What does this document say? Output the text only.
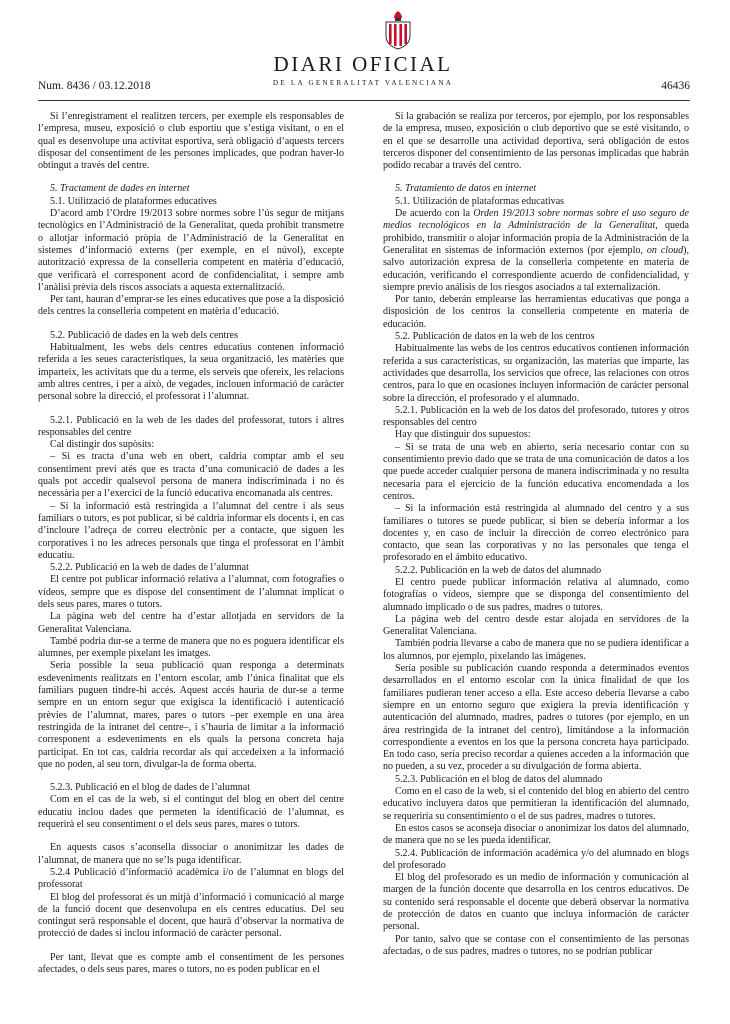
Num. 8436 / 03.12.2018
DIARI OFICIAL
DE LA GENERALITAT VALENCIANA	46436

Si l’enregistrament el realitzen tercers, per exemple els responsables de l’empresa, museu, exposició o club esportiu que s’estiga visitant, o en el qual es desenvolupe una activitat esportiva, serà obligació d’aquests tercers disposar del consentiment de les persones implicades, que podran haver-lo obtingut a través del centre.

5. Tractament de dades en internet

5.1. Utilització de plataformes educatives

D’acord amb l’Ordre 19/2013 sobre normes sobre l’ús segur de mitjans tecnològics en l’Administració de la Generalitat, queda prohibit transmetre o allotjar informació pròpia de l’Administració de la Generalitat en sistemes d’informació externs (per exemple, en el núvol), excepte autorització expressa de la conselleria competent en matèria d’educació, que verificarà el corresponent acord de confidencialitat, i sempre amb l’anàlisi prèvia dels riscos associats a aquesta externalització.

Per tant, hauran d’emprar-se les eines educatives que pose a la disposició dels centres la conselleria competent en matèria d’educació.

5.2. Publicació de dades en la web dels centres

Habitualment, les webs dels centres educatius contenen informació referida a les seues característiques, la seua organització, les matèries que imparteix, les activitats que du a terme, els serveis que ofereix, les relacions amb altres centres, i per a això, de vegades, inclouen informació de caràcter personal sobre la direcció, el professorat i l’alumnat.

5.2.1. Publicació en la web de les dades del professorat, tutors i altres responsables del centre

Cal distingir dos supòsits:

– Si es tracta d’una web en obert, caldria comptar amb el seu consentiment previ atés que es tracta d’una comunicació de dades a les quals pot accedir qualsevol persona de manera indiscriminada i no és necessària per a l’exercici de la funció educativa encomanada als centres.

– Si la informació està restringida a l’alumnat del centre i als seus familiars o tutors, es pot publicar, si bé caldria informar els docents i, en cas d’incloure l’adreça de correu electrònic per a contacte, que siguen les corporatives i no les adreces personals que tinga el professorat en l’àmbit educatiu.

5.2.2. Publicació en la web de dades de l’alumnat

El centre pot publicar informació relativa a l’alumnat, com fotografies o vídeos, sempre que es dispose del consentiment de l’alumnat implicat o dels seus pares, mares o tutors.

La pàgina web del centre ha d’estar allotjada en servidors de la Generalitat Valenciana.

També podria dur-se a terme de manera que no es poguera identificar els alumnes, per exemple pixelant les imatges.

Seria possible la seua publicació quan responga a determinats esdeveniments realitzats en l’entorn escolar, amb l’única finalitat que els familiars puguen tindre-hi accés. Aquest accés hauria de dur-se a terme sempre en un entorn segur que exigisca la identificació i autenticació prèvies de l’alumnat, mares, pares o tutors –per exemple en una àrea restringida de la intranet del centre–, i s’hauria de limitar a la informació corresponent a esdeveniments en els quals la persona concreta haja participat. En tot cas, caldria recordar als qui accedeixen a la informació que no poden, al seu torn, divulgar-la de forma oberta.

5.2.3. Publicació en el blog de dades de l’alumnat

Com en el cas de la web, si el contingut del blog en obert del centre educatiu inclou dades que permeten la identificació de l’alumnat, es requerirà el seu consentiment o el dels seus pares, mares o tutors.

En aquests casos s’aconsella dissociar o anonimitzar les dades de l’alumnat, de manera que no se’ls puga identificar.

5.2.4 Publicació d’informació acadèmica i/o de l’alumnat en blogs del professorat

El blog del professorat és un mitjà d’informació i comunicació al marge de la funció docent que desenvolupa en els centres educatius. Del seu contingut serà responsable el docent, que haurà d’observar la normativa de protecció de dades si inclou informació de caràcter personal.

Per tant, llevat que es compte amb el consentiment de les persones afectades, o dels seus pares, mares o tutors, no es poden publicar en el

Si la grabación se realiza por terceros, por ejemplo, por los responsables de la empresa, museo, exposición o club deportivo que se esté visitando, o en el que se desarrolle una actividad deportiva, será obligación de estos terceros disponer del consentimiento de las personas implicadas que habrán podido recabar a través del centro.

5. Tratamiento de datos en internet

5.1. Utilización de plataformas educativas

De acuerdo con la Orden 19/2013 sobre normas sobre el uso seguro de medios tecnológicos en la Administración de la Generalitat, queda prohibido, transmitir o alojar información propia de la Administración de la Generalitat en sistemas de información externos (por ejemplo, on cloud), salvo autorización expresa de la conselleria competente en materia de educación, verificando el correspondiente acuerdo de confidencialidad, y siempre previo análisis de los riesgos asociados a tal externalización.

Por tanto, deberán emplearse las herramientas educativas que ponga a disposición de los centros la conselleria competente en materia de educación.

5.2. Publicación de datos en la web de los centros

Habitualmente las webs de los centros educativos contienen información referida a sus características, su organización, las materias que imparte, las actividades que desarrolla, los servicios que ofrece, las relaciones con otros centros, para lo que en ocasiones incluyen información de carácter personal sobre la dirección, el profesorado y el alumnado.

5.2.1. Publicación en la web de los datos del profesorado, tutores y otros responsables del centro

Hay que distinguir dos supuestos:

– Si se trata de una web en abierto, sería necesario contar con su consentimiento previo dado que se trata de una comunicación de datos a los que puede acceder cualquier persona de manera indiscriminada y no resulta necesaria para el ejercicio de la función educativa encomendada a los centros.

– Si la información está restringida al alumnado del centro y a sus familiares o tutores se puede publicar, si bien se debería informar a los docentes y, en caso de incluir la dirección de correo electrónico para contacto, que sean las corporativas y no las personales que tenga el profesorado en el ámbito educativo.

5.2.2. Publicación en la web de datos del alumnado

El centro puede publicar información relativa al alumnado, como fotografías o vídeos, siempre que se disponga del consentimiento del alumnado implicado o de sus padres, madres o tutores.

La página web del centro desde estar alojada en servidores de la Generalitat Valenciana.

También podría llevarse a cabo de manera que no se pudiera identificar a los alumnos, por ejemplo, pixelando las imágenes.

Sería posible su publicación cuando responda a determinados eventos desarrollados en el entorno escolar con la única finalidad de que los familiares pudieran tener acceso a ella. Este acceso debería llevarse a cabo siempre en un entorno seguro que exigiera la previa identificación y autenticación del alumnado, madres, padres o tutores (por ejemplo, en un área restringida de la intranet del centro), limitándose a la información correspondiente a eventos en los que la persona concreta haya participado. En todo caso, sería preciso recordar a quienes acceden a la información que no pueden, a su vez, proceder a su divulgación de forma abierta.

5.2.3. Publicación en el blog de datos del alumnado

Como en el caso de la web, si el contenido del blog en abierto del centro educativo incluyera datos que permitieran la identificación del alumnado, se requeriría su consentimiento o el de sus padres, madres o tutores.

En estos casos se aconseja disociar o anonimizar los datos del alumnado, de manera que no se les pueda identificar.

5.2.4. Publicación de información académica y/o del alumnado en blogs del profesorado

El blog del profesorado es un medio de información y comunicación al margen de la función docente que desarrolla en los centros educativos. De su contenido será responsable el docente que deberá observar la normativa de protección de datos en cuanto que incluya información de carácter personal.

Por tanto, salvo que se contase con el consentimiento de las personas afectadas, o de sus padres, madres o tutores, no se podrían publicar
